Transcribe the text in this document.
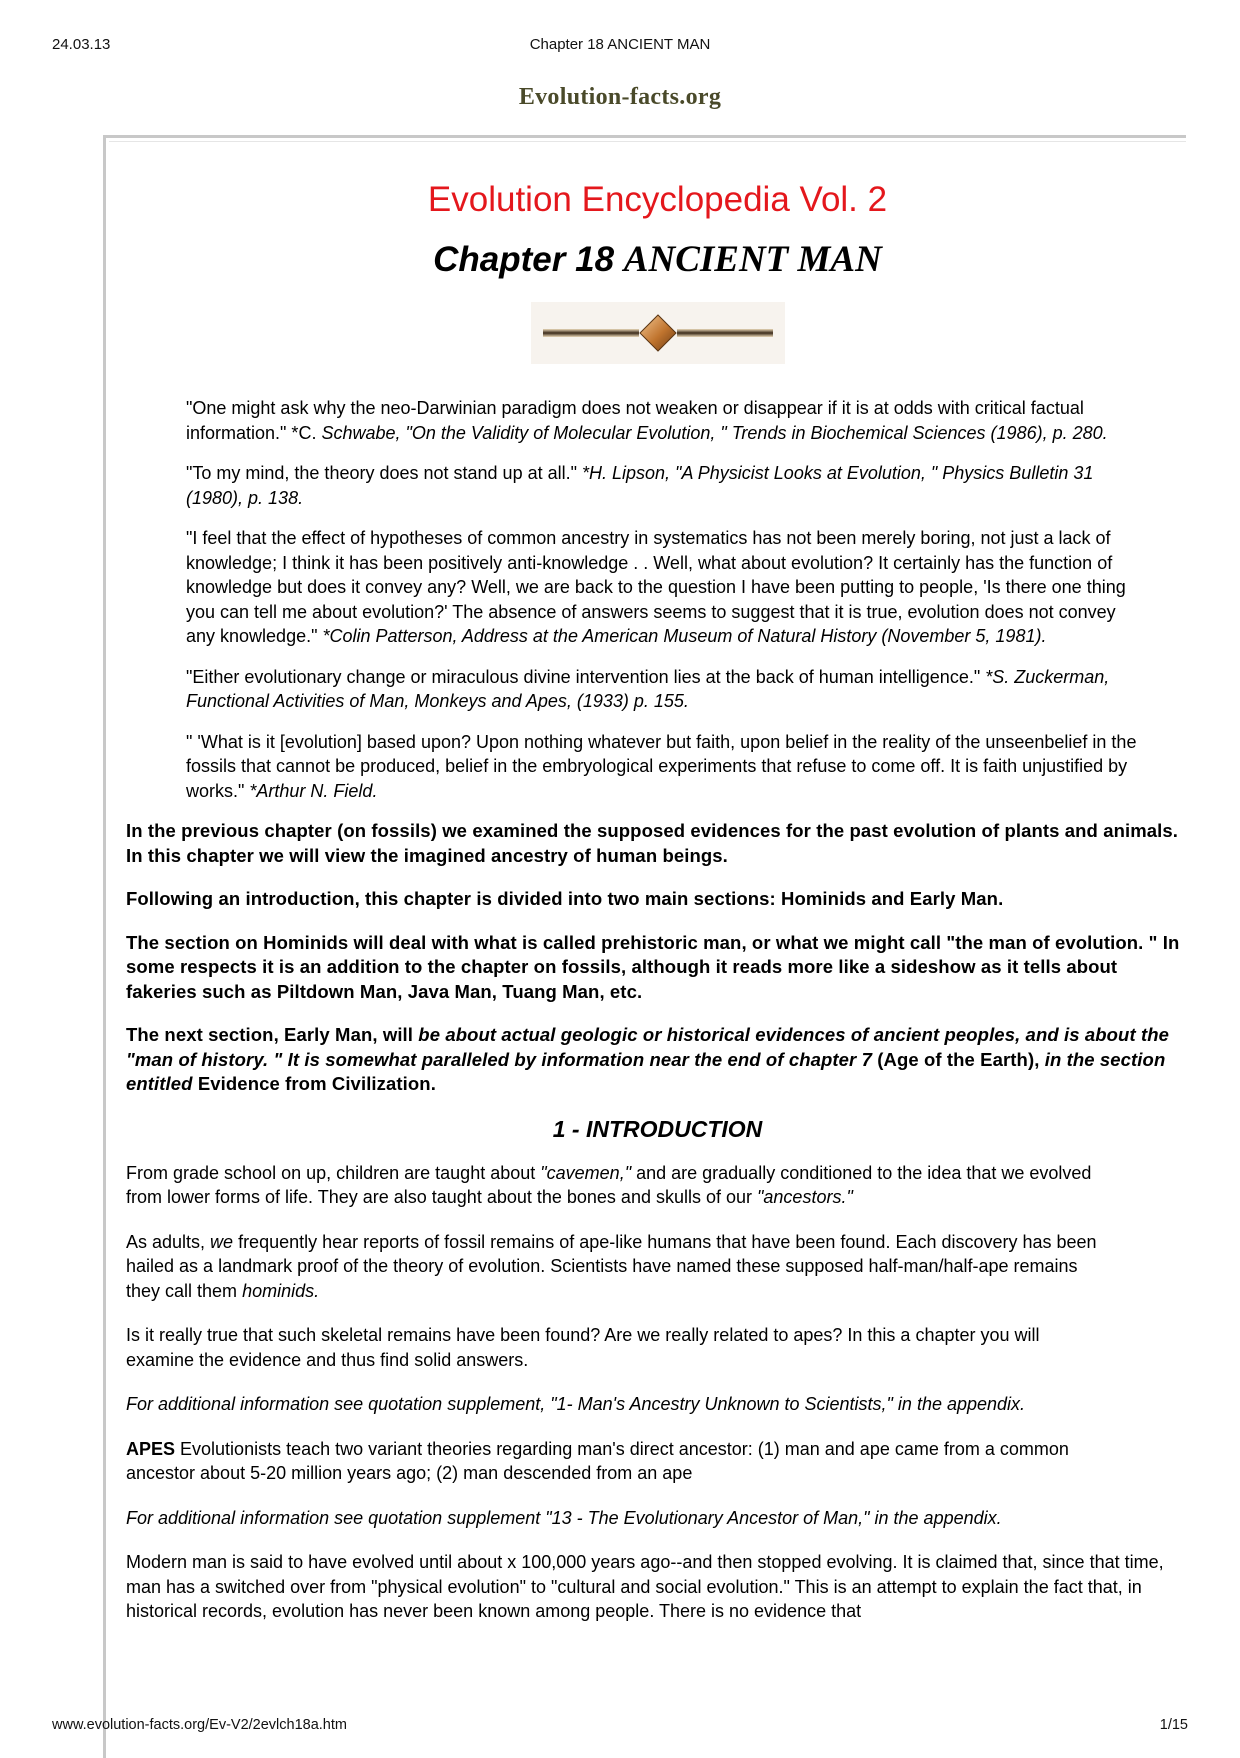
24.03.13	Chapter 18 ANCIENT MAN
Evolution-facts.org
Evolution Encyclopedia Vol. 2
Chapter 18 ANCIENT MAN

"One might ask why the neo-Darwinian paradigm does not weaken or disappear if it is at odds with critical factual information." *C. Schwabe, "On the Validity of Molecular Evolution, " Trends in Biochemical Sciences (1986), p. 280.

"To my mind, the theory does not stand up at all." *H. Lipson, "A Physicist Looks at Evolution, " Physics Bulletin 31 (1980), p. 138.

"I feel that the effect of hypotheses of common ancestry in systematics has not been merely boring, not just a lack of knowledge; I think it has been positively anti-knowledge . . Well, what about evolution? It certainly has the function of knowledge but does it convey any? Well, we are back to the question I have been putting to people, 'Is there one thing you can tell me about evolution?' The absence of answers seems to suggest that it is true, evolution does not convey any knowledge." *Colin Patterson, Address at the American Museum of Natural History (November 5, 1981).

"Either evolutionary change or miraculous divine intervention lies at the back of human intelligence." *S. Zuckerman, Functional Activities of Man, Monkeys and Apes, (1933) p. 155.

" 'What is it [evolution] based upon? Upon nothing whatever but faith, upon belief in the reality of the unseenbelief in the fossils that cannot be produced, belief in the embryological experiments that refuse to come off. It is faith unjustified by works." *Arthur N. Field.

In the previous chapter (on fossils) we examined the supposed evidences for the past evolution of plants and animals. In this chapter we will view the imagined ancestry of human beings.

Following an introduction, this chapter is divided into two main sections: Hominids and Early Man.

The section on Hominids will deal with what is called prehistoric man, or what we might call "the man of evolution. " In some respects it is an addition to the chapter on fossils, although it reads more like a sideshow as it tells about fakeries such as Piltdown Man, Java Man, Tuang Man, etc.

The next section, Early Man, will be about actual geologic or historical evidences of ancient peoples, and is about the "man of history. " It is somewhat paralleled by information near the end of chapter 7 (Age of the Earth), in the section entitled Evidence from Civilization.

1 - INTRODUCTION

From grade school on up, children are taught about "cavemen," and are gradually conditioned to the idea that we evolved
from lower forms of life. They are also taught about the bones and skulls of our "ancestors."

As adults, we frequently hear reports of fossil remains of ape-like humans that have been found. Each discovery has been
hailed as a landmark proof of the theory of evolution. Scientists have named these supposed half-man/half-ape remains
they call them hominids.

Is it really true that such skeletal remains have been found? Are we really related to apes? In this a chapter you will
examine the evidence and thus find solid answers.

For additional information see quotation supplement, "1- Man's Ancestry Unknown to Scientists," in the appendix.

APES Evolutionists teach two variant theories regarding man's direct ancestor: (1) man and ape came from a common
ancestor about 5-20 million years ago; (2) man descended from an ape

For additional information see quotation supplement "13 - The Evolutionary Ancestor of Man," in the appendix.

Modern man is said to have evolved until about x 100,000 years ago--and then stopped evolving. It is claimed that, since that time, man has a switched over from "physical evolution" to "cultural and social evolution." This is an attempt to explain the fact that, in historical records, evolution has never been known among people. There is no evidence that

www.evolution-facts.org/Ev-V2/2evlch18a.htm	1/15
